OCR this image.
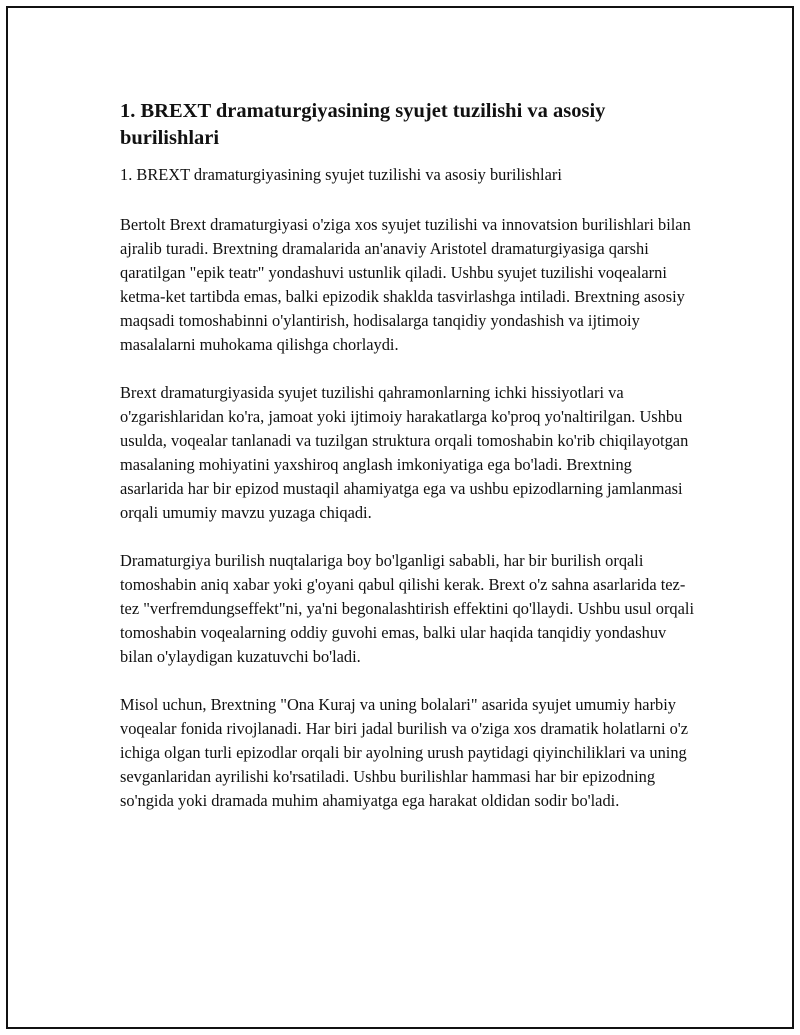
1. BREXT dramaturgiyasining syujet tuzilishi va asosiy burilishlari

1. BREXT dramaturgiyasining syujet tuzilishi va asosiy burilishlari

Bertolt Brext dramaturgiyasi o'ziga xos syujet tuzilishi va innovatsion burilishlari bilan ajralib turadi. Brextning dramalarida an'anaviy Aristotel dramaturgiyasiga qarshi qaratilgan "epik teatr" yondashuvi ustunlik qiladi. Ushbu syujet tuzilishi voqealarni ketma-ket tartibda emas, balki epizodik shaklda tasvirlashga intiladi. Brextning asosiy maqsadi tomoshabinni o'ylantirish, hodisalarga tanqidiy yondashish va ijtimoiy masalalarni muhokama qilishga chorlaydi.

Brext dramaturgiyasida syujet tuzilishi qahramonlarning ichki hissiyotlari va o'zgarishlaridan ko'ra, jamoat yoki ijtimoiy harakatlarga ko'proq yo'naltirilgan. Ushbu usulda, voqealar tanlanadi va tuzilgan struktura orqali tomoshabin ko'rib chiqilayotgan masalaning mohiyatini yaxshiroq anglash imkoniyatiga ega bo'ladi. Brextning asarlarida har bir epizod mustaqil ahamiyatga ega va ushbu epizodlarning jamlanmasi orqali umumiy mavzu yuzaga chiqadi.

Dramaturgiya burilish nuqtalariga boy bo'lganligi sababli, har bir burilish orqali tomoshabin aniq xabar yoki g'oyani qabul qilishi kerak. Brext o'z sahna asarlarida tez-tez "verfremdungseffekt"ni, ya'ni begonalashtirish effektini qo'llaydi. Ushbu usul orqali tomoshabin voqealarning oddiy guvohi emas, balki ular haqida tanqidiy yondashuv bilan o'ylaydigan kuzatuvchi bo'ladi.

Misol uchun, Brextning "Ona Kuraj va uning bolalari" asarida syujet umumiy harbiy voqealar fonida rivojlanadi. Har biri jadal burilish va o'ziga xos dramatik holatlarni o'z ichiga olgan turli epizodlar orqali bir ayolning urush paytidagi qiyinchiliklari va uning sevganlaridan ayrilishi ko'rsatiladi. Ushbu burilishlar hammasi har bir epizodning so'ngida yoki dramada muhim ahamiyatga ega harakat oldidan sodir bo'ladi.
